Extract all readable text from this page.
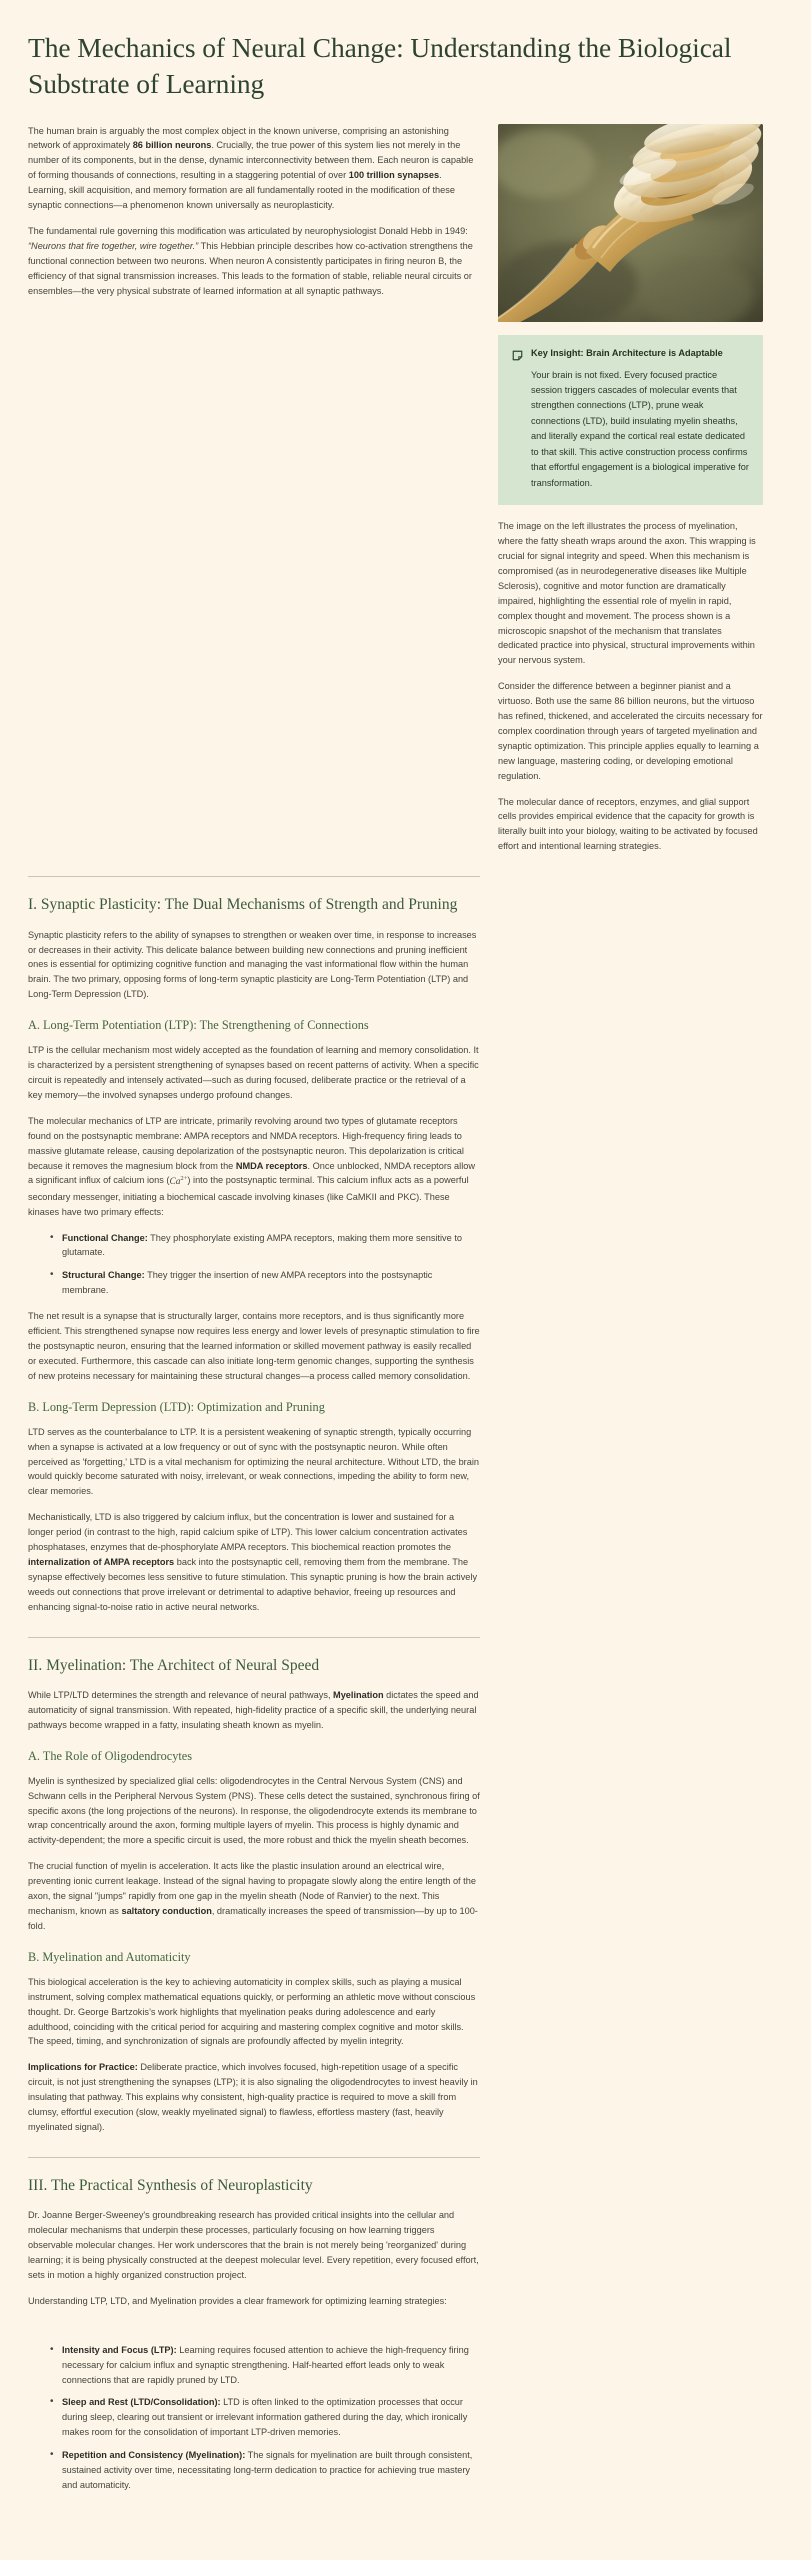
The Mechanics of Neural Change: Understanding the Biological Substrate of Learning

The human brain is arguably the most complex object in the known universe, comprising an astonishing network of approximately 86 billion neurons. Crucially, the true power of this system lies not merely in the number of its components, but in the dense, dynamic interconnectivity between them. Each neuron is capable of forming thousands of connections, resulting in a staggering potential of over 100 trillion synapses. Learning, skill acquisition, and memory formation are all fundamentally rooted in the modification of these synaptic connections—a phenomenon known universally as neuroplasticity.

The fundamental rule governing this modification was articulated by neurophysiologist Donald Hebb in 1949: “Neurons that fire together, wire together.” This Hebbian principle describes how co-activation strengthens the functional connection between two neurons. When neuron A consistently participates in firing neuron B, the efficiency of that signal transmission increases. This leads to the formation of stable, reliable neural circuits or ensembles—the very physical substrate of learned information at all synaptic pathways.

Key Insight: Brain Architecture is Adaptable

Your brain is not fixed. Every focused practice session triggers cascades of molecular events that strengthen connections (LTP), prune weak connections (LTD), build insulating myelin sheaths, and literally expand the cortical real estate dedicated to that skill. This active construction process confirms that effortful engagement is a biological imperative for transformation.

The image on the left illustrates the process of myelination, where the fatty sheath wraps around the axon. This wrapping is crucial for signal integrity and speed. When this mechanism is compromised (as in neurodegenerative diseases like Multiple Sclerosis), cognitive and motor function are dramatically impaired, highlighting the essential role of myelin in rapid, complex thought and movement. The process shown is a microscopic snapshot of the mechanism that translates dedicated practice into physical, structural improvements within your nervous system.

Consider the difference between a beginner pianist and a virtuoso. Both use the same 86 billion neurons, but the virtuoso has refined, thickened, and accelerated the circuits necessary for complex coordination through years of targeted myelination and synaptic optimization. This principle applies equally to learning a new language, mastering coding, or developing emotional regulation.

The molecular dance of receptors, enzymes, and glial support cells provides empirical evidence that the capacity for growth is literally built into your biology, waiting to be activated by focused effort and intentional learning strategies.

I. Synaptic Plasticity: The Dual Mechanisms of Strength and Pruning

Synaptic plasticity refers to the ability of synapses to strengthen or weaken over time, in response to increases or decreases in their activity. This delicate balance between building new connections and pruning inefficient ones is essential for optimizing cognitive function and managing the vast informational flow within the human brain. The two primary, opposing forms of long-term synaptic plasticity are Long-Term Potentiation (LTP) and Long-Term Depression (LTD).

A. Long-Term Potentiation (LTP): The Strengthening of Connections

LTP is the cellular mechanism most widely accepted as the foundation of learning and memory consolidation. It is characterized by a persistent strengthening of synapses based on recent patterns of activity. When a specific circuit is repeatedly and intensely activated—such as during focused, deliberate practice or the retrieval of a key memory—the involved synapses undergo profound changes.

The molecular mechanics of LTP are intricate, primarily revolving around two types of glutamate receptors found on the postsynaptic membrane: AMPA receptors and NMDA receptors. High-frequency firing leads to massive glutamate release, causing depolarization of the postsynaptic neuron. This depolarization is critical because it removes the magnesium block from the NMDA receptors. Once unblocked, NMDA receptors allow a significant influx of calcium ions $(Ca^{2+})$ into the postsynaptic terminal. This calcium influx acts as a powerful secondary messenger, initiating a biochemical cascade involving kinases (like CaMKII and PKC). These kinases have two primary effects:

• Functional Change: They phosphorylate existing AMPA receptors, making them more sensitive to glutamate.
• Structural Change: They trigger the insertion of new AMPA receptors into the postsynaptic membrane.

The net result is a synapse that is structurally larger, contains more receptors, and is thus significantly more efficient. This strengthened synapse now requires less energy and lower levels of presynaptic stimulation to fire the postsynaptic neuron, ensuring that the learned information or skilled movement pathway is easily recalled or executed. Furthermore, this cascade can also initiate long-term genomic changes, supporting the synthesis of new proteins necessary for maintaining these structural changes—a process called memory consolidation.

B. Long-Term Depression (LTD): Optimization and Pruning

LTD serves as the counterbalance to LTP. It is a persistent weakening of synaptic strength, typically occurring when a synapse is activated at a low frequency or out of sync with the postsynaptic neuron. While often perceived as 'forgetting,' LTD is a vital mechanism for optimizing the neural architecture. Without LTD, the brain would quickly become saturated with noisy, irrelevant, or weak connections, impeding the ability to form new, clear memories.

Mechanistically, LTD is also triggered by calcium influx, but the concentration is lower and sustained for a longer period (in contrast to the high, rapid calcium spike of LTP). This lower calcium concentration activates phosphatases, enzymes that de-phosphorylate AMPA receptors. This biochemical reaction promotes the internalization of AMPA receptors back into the postsynaptic cell, removing them from the membrane. The synapse effectively becomes less sensitive to future stimulation. This synaptic pruning is how the brain actively weeds out connections that prove irrelevant or detrimental to adaptive behavior, freeing up resources and enhancing signal-to-noise ratio in active neural networks.

II. Myelination: The Architect of Neural Speed

While LTP/LTD determines the strength and relevance of neural pathways, Myelination dictates the speed and automaticity of signal transmission. With repeated, high-fidelity practice of a specific skill, the underlying neural pathways become wrapped in a fatty, insulating sheath known as myelin.

A. The Role of Oligodendrocytes

Myelin is synthesized by specialized glial cells: oligodendrocytes in the Central Nervous System (CNS) and Schwann cells in the Peripheral Nervous System (PNS). These cells detect the sustained, synchronous firing of specific axons (the long projections of the neurons). In response, the oligodendrocyte extends its membrane to wrap concentrically around the axon, forming multiple layers of myelin. This process is highly dynamic and activity-dependent; the more a specific circuit is used, the more robust and thick the myelin sheath becomes.

The crucial function of myelin is acceleration. It acts like the plastic insulation around an electrical wire, preventing ionic current leakage. Instead of the signal having to propagate slowly along the entire length of the axon, the signal "jumps" rapidly from one gap in the myelin sheath (Node of Ranvier) to the next. This mechanism, known as saltatory conduction, dramatically increases the speed of transmission—by up to 100-fold.

B. Myelination and Automaticity

This biological acceleration is the key to achieving automaticity in complex skills, such as playing a musical instrument, solving complex mathematical equations quickly, or performing an athletic move without conscious thought. Dr. George Bartzokis’s work highlights that myelination peaks during adolescence and early adulthood, coinciding with the critical period for acquiring and mastering complex cognitive and motor skills. The speed, timing, and synchronization of signals are profoundly affected by myelin integrity.

Implications for Practice: Deliberate practice, which involves focused, high-repetition usage of a specific circuit, is not just strengthening the synapses (LTP); it is also signaling the oligodendrocytes to invest heavily in insulating that pathway. This explains why consistent, high-quality practice is required to move a skill from clumsy, effortful execution (slow, weakly myelinated signal) to flawless, effortless mastery (fast, heavily myelinated signal).

III. The Practical Synthesis of Neuroplasticity

Dr. Joanne Berger-Sweeney's groundbreaking research has provided critical insights into the cellular and molecular mechanisms that underpin these processes, particularly focusing on how learning triggers observable molecular changes. Her work underscores that the brain is not merely being 'reorganized' during learning; it is being physically constructed at the deepest molecular level. Every repetition, every focused effort, sets in motion a highly organized construction project.

Understanding LTP, LTD, and Myelination provides a clear framework for optimizing learning strategies:

• Intensity and Focus (LTP): Learning requires focused attention to achieve the high-frequency firing necessary for calcium influx and synaptic strengthening. Half-hearted effort leads only to weak connections that are rapidly pruned by LTD.
• Sleep and Rest (LTD/Consolidation): LTD is often linked to the optimization processes that occur during sleep, clearing out transient or irrelevant information gathered during the day, which ironically makes room for the consolidation of important LTP-driven memories.
• Repetition and Consistency (Myelination): The signals for myelination are built through consistent, sustained activity over time, necessitating long-term dedication to practice for achieving true mastery and automaticity.
